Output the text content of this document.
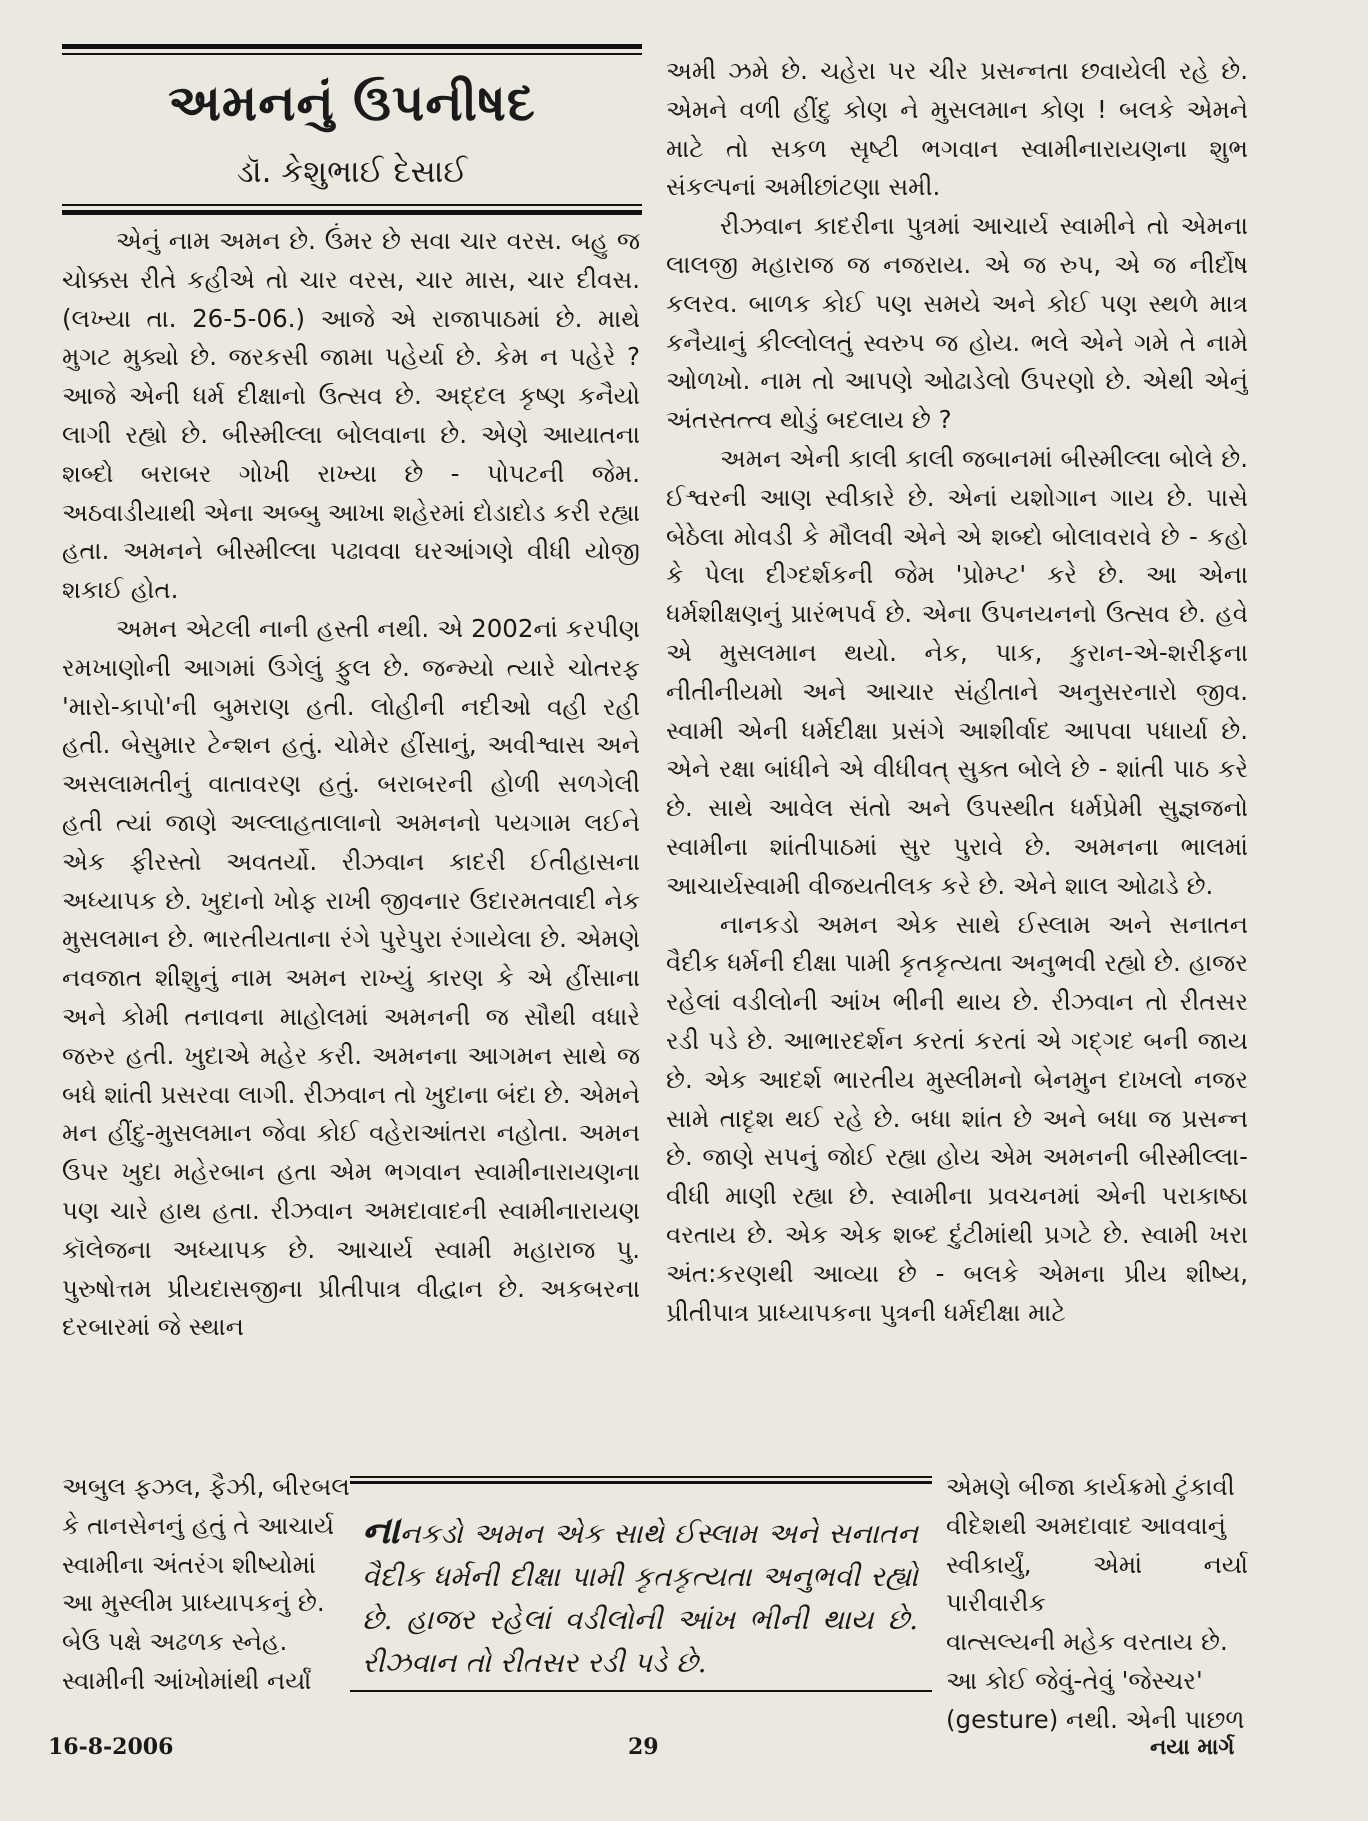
અમનનું ઉપનીષદ
ડૉ. કેશુભાઈ દેસાઈ

એનું નામ અમન છે. ઉંમર છે સવા ચાર વરસ. બહુ જ ચોક્કસ રીતે કહીએ તો ચાર વરસ, ચાર માસ, ચાર દીવસ. (લખ્યા તા. 26-5-06.) આજે એ રાજાપાઠમાં છે. માથે મુગટ મુક્યો છે. જરકસી જામા પહેર્યા છે. કેમ ન પહેરે ? આજે એની ધર્મ દીક્ષાનો ઉત્સવ છે. અદ્દલ કૃષ્ણ કનૈયો લાગી રહ્યો છે. બીસ્મીલ્લા બોલવાના છે. એણે આયાતના શબ્દો બરાબર ગોખી રાખ્યા છે - પોપટની જેમ. અઠવાડીયાથી એના અબ્બુ આખા શહેરમાં દોડાદોડ કરી રહ્યા હતા. અમનને બીસ્મીલ્લા પઢાવવા ઘરઆંગણે વીધી યોજી શકાઈ હોત.

અમન એટલી નાની હસ્તી નથી. એ 2002નાં કરપીણ રમખાણોની આગમાં ઉગેલું ફુલ છે. જન્મ્યો ત્યારે ચોતરફ 'મારો-કાપો'ની બુમરાણ હતી. લોહીની નદીઓ વહી રહી હતી. બેસુમાર ટેન્શન હતું. ચોમેર હીંસાનું, અવીશ્વાસ અને અસલામતીનું વાતાવરણ હતું. બરાબરની હોળી સળગેલી હતી ત્યાં જાણે અલ્લાહતાલાનો અમનનો પયગામ લઈને એક ફીરસ્તો અવતર્યો. રીઝવાન કાદરી ઈતીહાસના અધ્યાપક છે. ખુદાનો ખોફ રાખી જીવનાર ઉદારમતવાદી નેક મુસલમાન છે. ભારતીયતાના રંગે પુરેપુરા રંગાયેલા છે. એમણે નવજાત શીશુનું નામ અમન રાખ્યું કારણ કે એ હીંસાના અને કોમી તનાવના માહોલમાં અમનની જ સૌથી વધારે જરુર હતી. ખુદાએ મહેર કરી. અમનના આગમન સાથે જ બધે શાંતી પ્રસરવા લાગી. રીઝવાન તો ખુદાના બંદા છે. એમને મન હીંદુ-મુસલમાન જેવા કોઈ વહેરાઆંતરા નહોતા. અમન ઉપર ખુદા મહેરબાન હતા એમ ભગવાન સ્વામીનારાયણના પણ ચારે હાથ હતા. રીઝવાન અમદાવાદની સ્વામીનારાયણ કૉલેજના અધ્યાપક છે. આચાર્ય સ્વામી મહારાજ પુ. પુરુષોત્તમ પ્રીયદાસજીના પ્રીતીપાત્ર વીદ્વાન છે. અકબરના દરબારમાં જે સ્થાન

અમી ઝમે છે. ચહેરા પર ચીર પ્રસન્નતા છવાયેલી રહે છે. એમને વળી હીંદુ કોણ ને મુસલમાન કોણ ! બલકે એમને માટે તો સકળ સૃષ્ટી ભગવાન સ્વામીનારાયણના શુભ સંકલ્પનાં અમીછાંટણા સમી.

રીઝવાન કાદરીના પુત્રમાં આચાર્ય સ્વામીને તો એમના લાલજી મહારાજ જ નજરાય. એ જ રુપ, એ જ નીર્દોષ કલરવ. બાળક કોઈ પણ સમયે અને કોઈ પણ સ્થળે માત્ર કનૈયાનું કીલ્લોલતું સ્વરુપ જ હોય. ભલે એને ગમે તે નામે ઓળખો. નામ તો આપણે ઓઢાડેલો ઉપરણો છે. એથી એનું અંતસ્તત્ત્વ થોડું બદલાય છે ?

અમન એની કાલી કાલી જબાનમાં બીસ્મીલ્લા બોલે છે. ઈશ્વરની આણ સ્વીકારે છે. એનાં યશોગાન ગાય છે. પાસે બેઠેલા મોવડી કે મૌલવી એને એ શબ્દો બોલાવરાવે છે - કહો કે પેલા દીગ્દર્શકની જેમ 'પ્રોમ્પ્ટ' કરે છે. આ એના ધર્મશીક્ષણનું પ્રારંભપર્વ છે. એના ઉપનયનનો ઉત્સવ છે. હવે એ મુસલમાન થયો. નેક, પાક, કુરાન-એ-શરીફના નીતીનીયમો અને આચાર સંહીતાને અનુસરનારો જીવ. સ્વામી એની ધર્મદીક્ષા પ્રસંગે આશીર્વાદ આપવા પધાર્યા છે. એને રક્ષા બાંધીને એ વીધીવત્ સુક્ત બોલે છે - શાંતી પાઠ કરે છે. સાથે આવેલ સંતો અને ઉપસ્થીત ધર્મપ્રેમી સુજ્ઞજનો સ્વામીના શાંતીપાઠમાં સુર પુરાવે છે. અમનના ભાલમાં આચાર્યસ્વામી વીજયતીલક કરે છે. એને શાલ ઓઢાડે છે.

નાનકડો અમન એક સાથે ઈસ્લામ અને સનાતન વૈદીક ધર્મની દીક્ષા પામી કૃતકૃત્યતા અનુભવી રહ્યો છે. હાજર રહેલાં વડીલોની આંખ ભીની થાય છે. રીઝવાન તો રીતસર રડી પડે છે. આભારદર્શન કરતાં કરતાં એ ગદ્ગદ બની જાય છે. એક આદર્શ ભારતીય મુસ્લીમનો બેનમુન દાખલો નજર સામે તાદૃશ થઈ રહે છે. બધા શાંત છે અને બધા જ પ્રસન્ન છે. જાણે સપનું જોઈ રહ્યા હોય એમ અમનની બીસ્મીલ્લા-વીધી માણી રહ્યા છે. સ્વામીના પ્રવચનમાં એની પરાકાષ્ઠા વરતાય છે. એક એક શબ્દ દુંટીમાંથી પ્રગટે છે. સ્વામી ખરા અંત:કરણથી આવ્યા છે - બલકે એમના પ્રીય શીષ્ય, પ્રીતીપાત્ર પ્રાધ્યાપકના પુત્રની ધર્મદીક્ષા માટે

અબુલ ફઝલ, ફૈઝી, બીરબલ
કે તાનસેનનું હતું તે આચાર્ય
સ્વામીના અંતરંગ શીષ્યોમાં
આ મુસ્લીમ પ્રાધ્યાપકનું છે.
બેઉ પક્ષે અઢળક સ્નેહ.
સ્વામીની આંખોમાંથી નર્યાં
નાનકડો અમન એક સાથે ઈસ્લામ અને સનાતન વૈદીક ધર્મની દીક્ષા પામી કૃતકૃત્યતા અનુભવી રહ્યો છે. હાજર રહેલાં વડીલોની આંખ ભીની થાય છે. રીઝવાન તો રીતસર રડી પડે છે.
એમણે બીજા કાર્યક્રમો ટુંકાવી
વીદેશથી અમદાવાદ આવવાનું
સ્વીકાર્યું, એમાં નર્યા પારીવારીક
વાત્સલ્યની મહેક વરતાય છે.
આ કોઈ જેવું-તેવું 'જેસ્ચર'
(gesture) નથી. એની પાછળ
16-8-2006	29	નયા માર્ગ
